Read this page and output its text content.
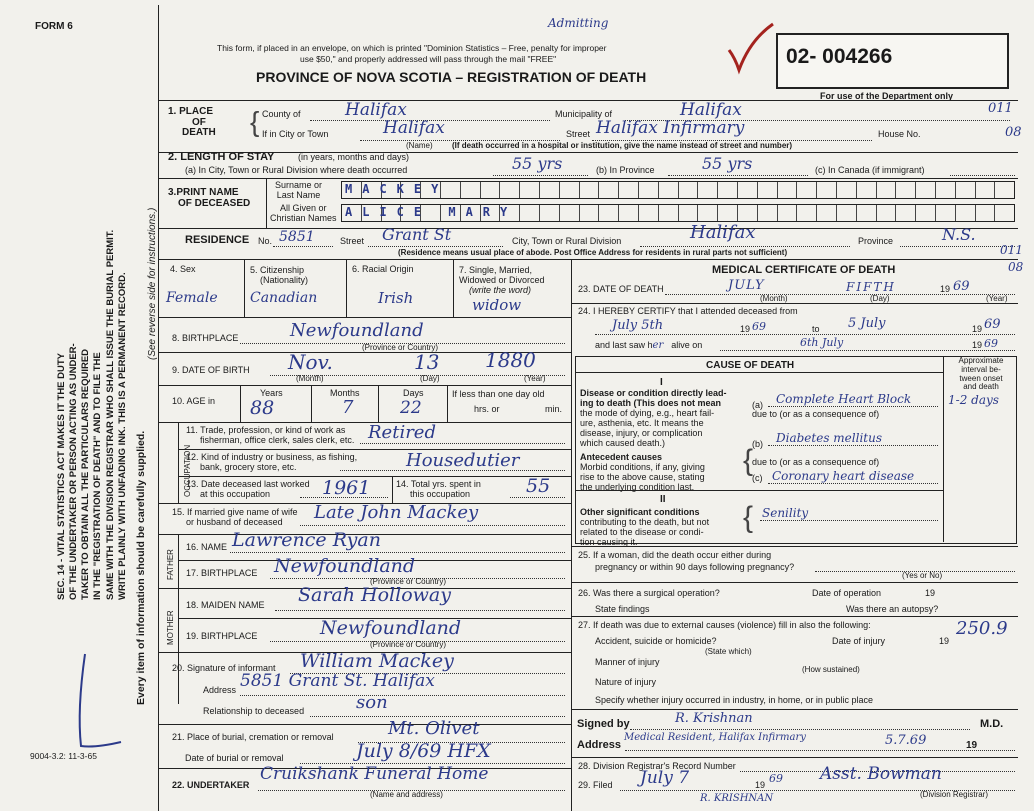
FORM 6
This form, if placed in an envelope, on which is printed "Dominion Statistics – Free, penalty for improper
use $50," and properly addressed will pass through the mail "FREE"
PROVINCE OF NOVA SCOTIA – REGISTRATION OF DEATH
Admitting
02- 004266
For use of the Department only
011
SEC. 14 - VITAL STATISTICS ACT MAKES IT THE DUTY OF THE UNDERTAKER OR PERSON ACTING AS UNDER- TAKER TO OBTAIN ALL THE PARTICULARS REQUIRED IN THE "REGISTRATION OF DEATH" AND TO FILE THE SAME WITH THE DIVISION REGISTRAR WHO SHALL ISSUE THE BURIAL PERMIT. WRITE PLAINLY WITH UNFADING INK. THIS IS A PERMANENT RECORD. Every item of information should be carefully supplied.
(See reverse side for instructions.)
9004-3.2: 11-3-65
1. PLACE
OF
DEATH { County of	Halifax	Municipality of	Halifax
If in City or Town	Halifax
(Name)
Street Halifax Infirmary	House No.	08
(If death occurred in a hospital or institution, give the name instead of street and number)
2. LENGTH OF STAY	(in years, months and days)
(a) In City, Town or Rural Division where death occurred	55 yrs	(b) In Province	55 yrs	(c) In Canada (if immigrant)
3.PRINT NAME
OF DECEASED
Surname or
Last Name
All Given or
Christian Names
MACKEY
ALICE MARY
RESIDENCE No. 5851	Street Grant St	City, Town or Rural Division	Halifax	Province	N.S.
(Residence means usual place of abode. Post Office Address for residents in rural parts not sufficient)	011
08
4. Sex
Female
5. Citizenship
(Nationality)
Canadian
6. Racial Origin
Irish
7. Single, Married,
Widowed or Divorced
(write the word)
widow
8. BIRTHPLACE	Newfoundland
(Province or Country)
9. DATE OF BIRTH Nov.	13 1880
(Month)	(Day)	(Year)
10. AGE in
Years
88
Months
7
Days
22
If less than one day old
hrs. or	min.
OCCUPATION
11. Trade, profession, or kind of work as
fisherman, office clerk, sales clerk, etc. Retired
12. Kind of industry or business, as fishing,
bank, grocery store, etc.	Housedutier
13. Date deceased last worked
at this occupation	1961	14. Total yrs. spent in
this occupation	55
15. If married give name of wife
or husband of deceased	Late John Mackey
FATHER
16. NAME Lawrence Ryan
17. BIRTHPLACE Newfoundland
(Province or Country)
MOTHER
18. MAIDEN NAME Sarah Holloway
19. BIRTHPLACE	Newfoundland
(Province or Country)
20. Signature of informant William Mackey
Address 5851 Grant St. Halifax
Relationship to deceased	son
21. Place of burial, cremation or removal	Mt. Olivet
Date of burial or removal	July 8/69 HFX
22. UNDERTAKER
Cruikshank Funeral Home
(Name and address)
MEDICAL CERTIFICATE OF DEATH
23. DATE OF DEATH	JULY	FIFTH	19 69
(Month)	(Day)	(Year)
24. I HEREBY CERTIFY that I attended deceased from
July 5th	19 69	to 5 July	19 69
and last saw her alive on	6th July	19 69
CAUSE OF DEATH	Approximate
interval be-
tween onset
and death
I
Disease or condition directly lead-
ing to death (This does not mean
the mode of dying, e.g., heart fail-
ure, asthenia, etc. It means the
disease, injury, or complication
which caused death.)
(a) Complete Heart Block	1-2 days
due to (or as a consequence of)
(b) Diabetes mellitus
Antecedent causes
Morbid conditions, if any, giving
rise to the above cause, stating
the underlying condition last.
{
due to (or as a consequence of)
(c) Coronary heart disease
II
Other significant conditions
contributing to the death, but not
related to the disease or condi-
tion causing it.
{ Senility
25. If a woman, did the death occur either during
pregnancy or within 90 days following pregnancy?
(Yes or No)
26. Was there a surgical operation?	Date of operation	19
State findings	Was there an autopsy?
27. If death was due to external causes (violence) fill in also the following:	250.9
Accident, suicide or homicide?	Date of injury	19
(State which)
Manner of injury
(How sustained)
Nature of injury
Specify whether injury occurred in industry, in home, or in public place
Signed by	R. Krishnan	M.D.
Address
Medical Resident, Halifax Infirmary	5.7.69	19
28. Division Registrar's Record Number
29. Filed July 7	19 69 Asst. Bowman
(Division Registrar)
R. KRISHNAN
